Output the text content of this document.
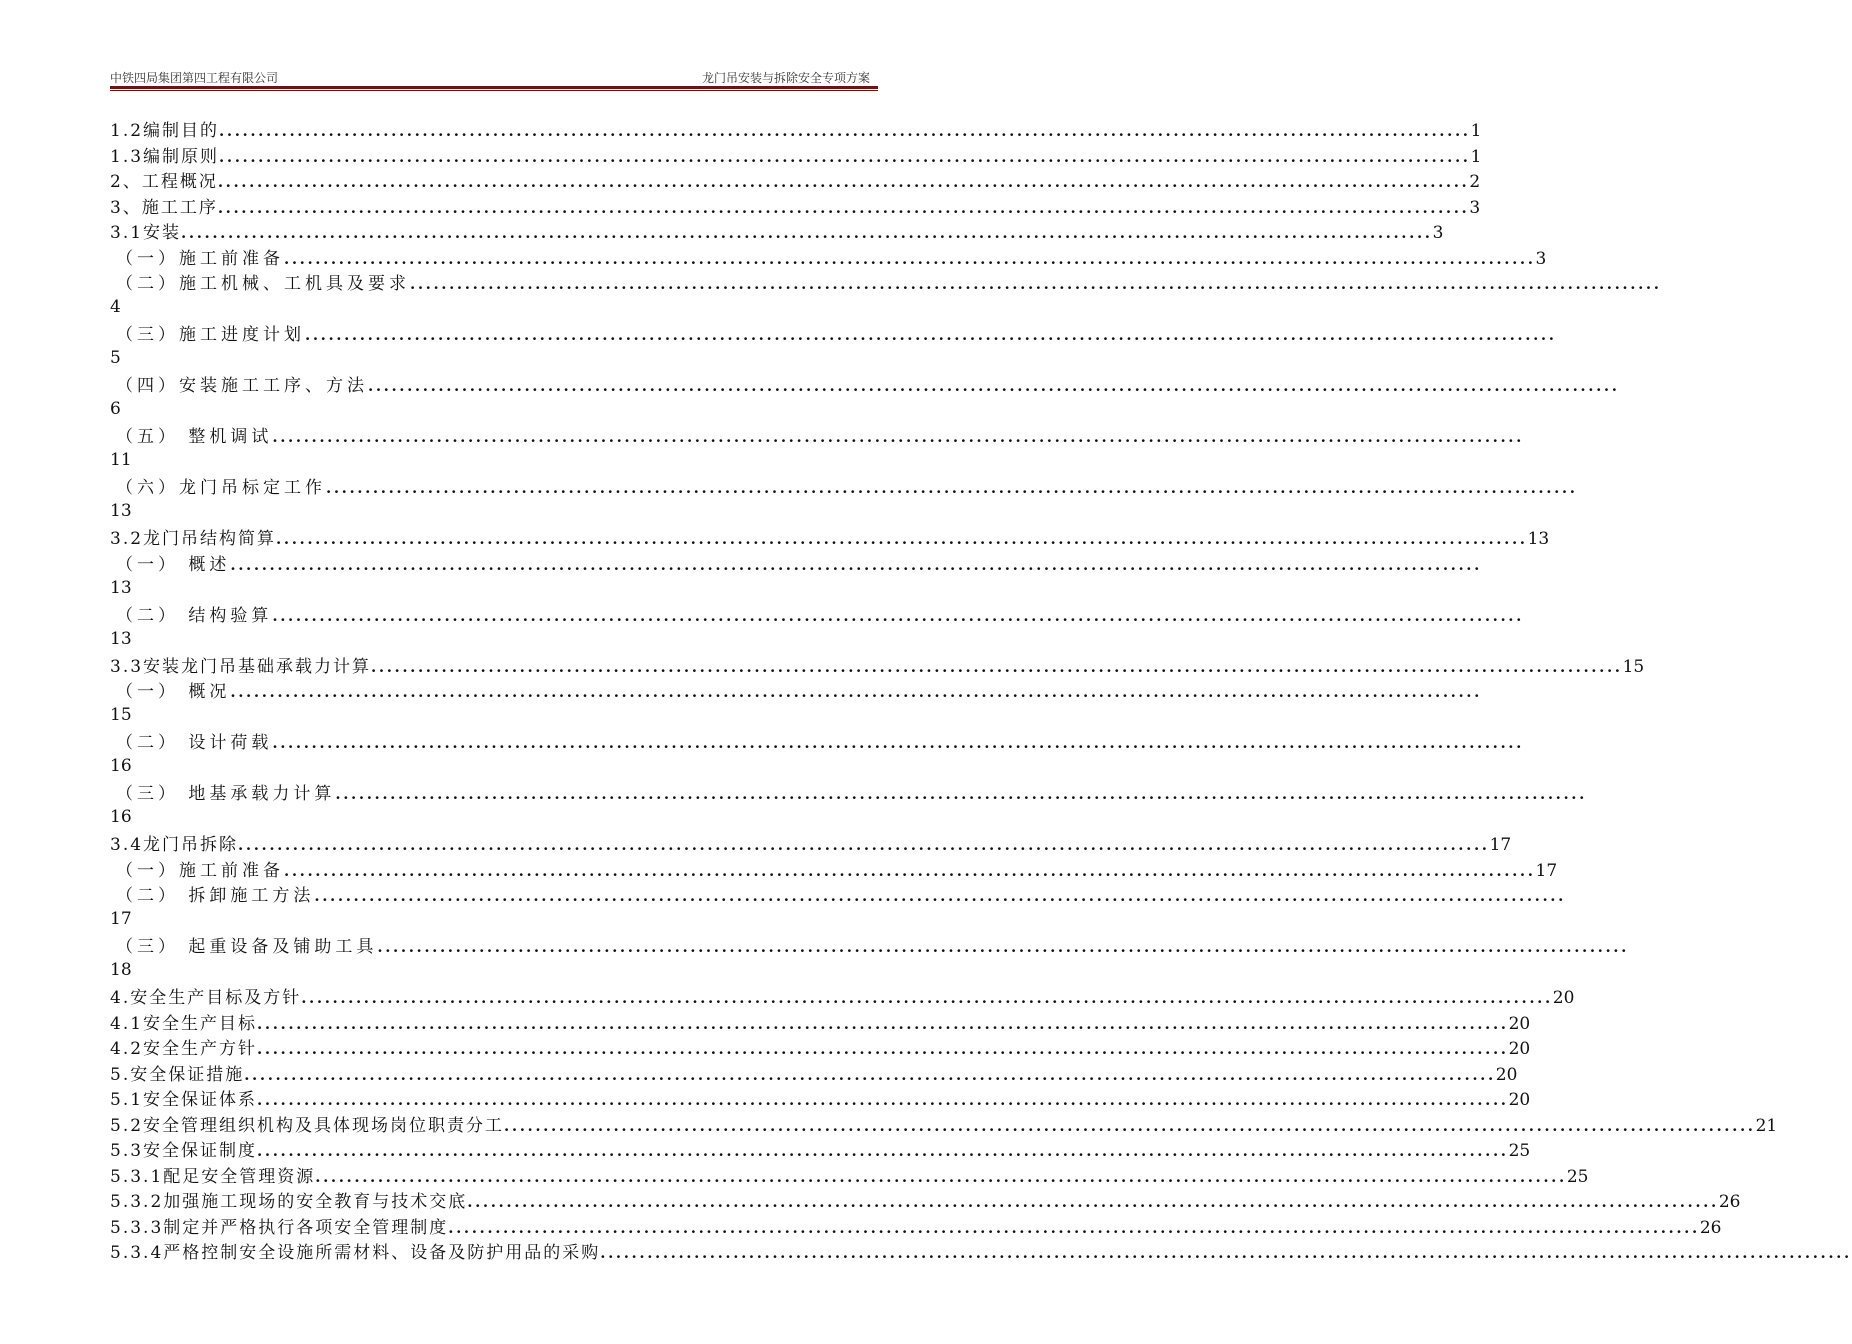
中铁四局集团第四工程有限公司	龙门吊安装与拆除安全专项方案
1.2编制目的 ................................................................................................................................................................ 1
1.3编制原则 ................................................................................................................................................................ 1
2、工程概况 ................................................................................................................................................................ 2
3、施工工序 ................................................................................................................................................................ 3
3.1安装 ................................................................................................................................................................ 3
（一）施工前准备 ................................................................................................................................................................ 3
（二）施工机械、工机具及要求 ................................................................................................................................................................
4
（三）施工进度计划 ................................................................................................................................................................
5
（四）安装施工工序、方法 ................................................................................................................................................................
6
（五） 整机调试 ................................................................................................................................................................
11
（六）龙门吊标定工作 ................................................................................................................................................................
13
3.2龙门吊结构简算 ................................................................................................................................................................ 13
（一） 概述 ................................................................................................................................................................
13
（二） 结构验算 ................................................................................................................................................................
13
3.3安装龙门吊基础承载力计算 ................................................................................................................................................................ 15
（一） 概况 ................................................................................................................................................................
15
（二） 设计荷载 ................................................................................................................................................................
16
（三） 地基承载力计算 ................................................................................................................................................................
16
3.4龙门吊拆除 ................................................................................................................................................................ 17
（一）施工前准备 ................................................................................................................................................................ 17
（二） 拆卸施工方法 ................................................................................................................................................................
17
（三） 起重设备及铺助工具 ................................................................................................................................................................
18
4.安全生产目标及方针 ................................................................................................................................................................ 20
4.1安全生产目标 ................................................................................................................................................................ 20
4.2安全生产方针 ................................................................................................................................................................ 20
5.安全保证措施 ................................................................................................................................................................ 20
5.1安全保证体系 ................................................................................................................................................................ 20
5.2安全管理组织机构及具体现场岗位职责分工 ................................................................................................................................................................ 21
5.3安全保证制度 ................................................................................................................................................................ 25
5.3.1配足安全管理资源 ................................................................................................................................................................ 25
5.3.2加强施工现场的安全教育与技术交底 ................................................................................................................................................................ 26
5.3.3制定并严格执行各项安全管理制度 ................................................................................................................................................................ 26
5.3.4严格控制安全设施所需材料、设备及防护用品的采购 ................................................................................................................................................................
